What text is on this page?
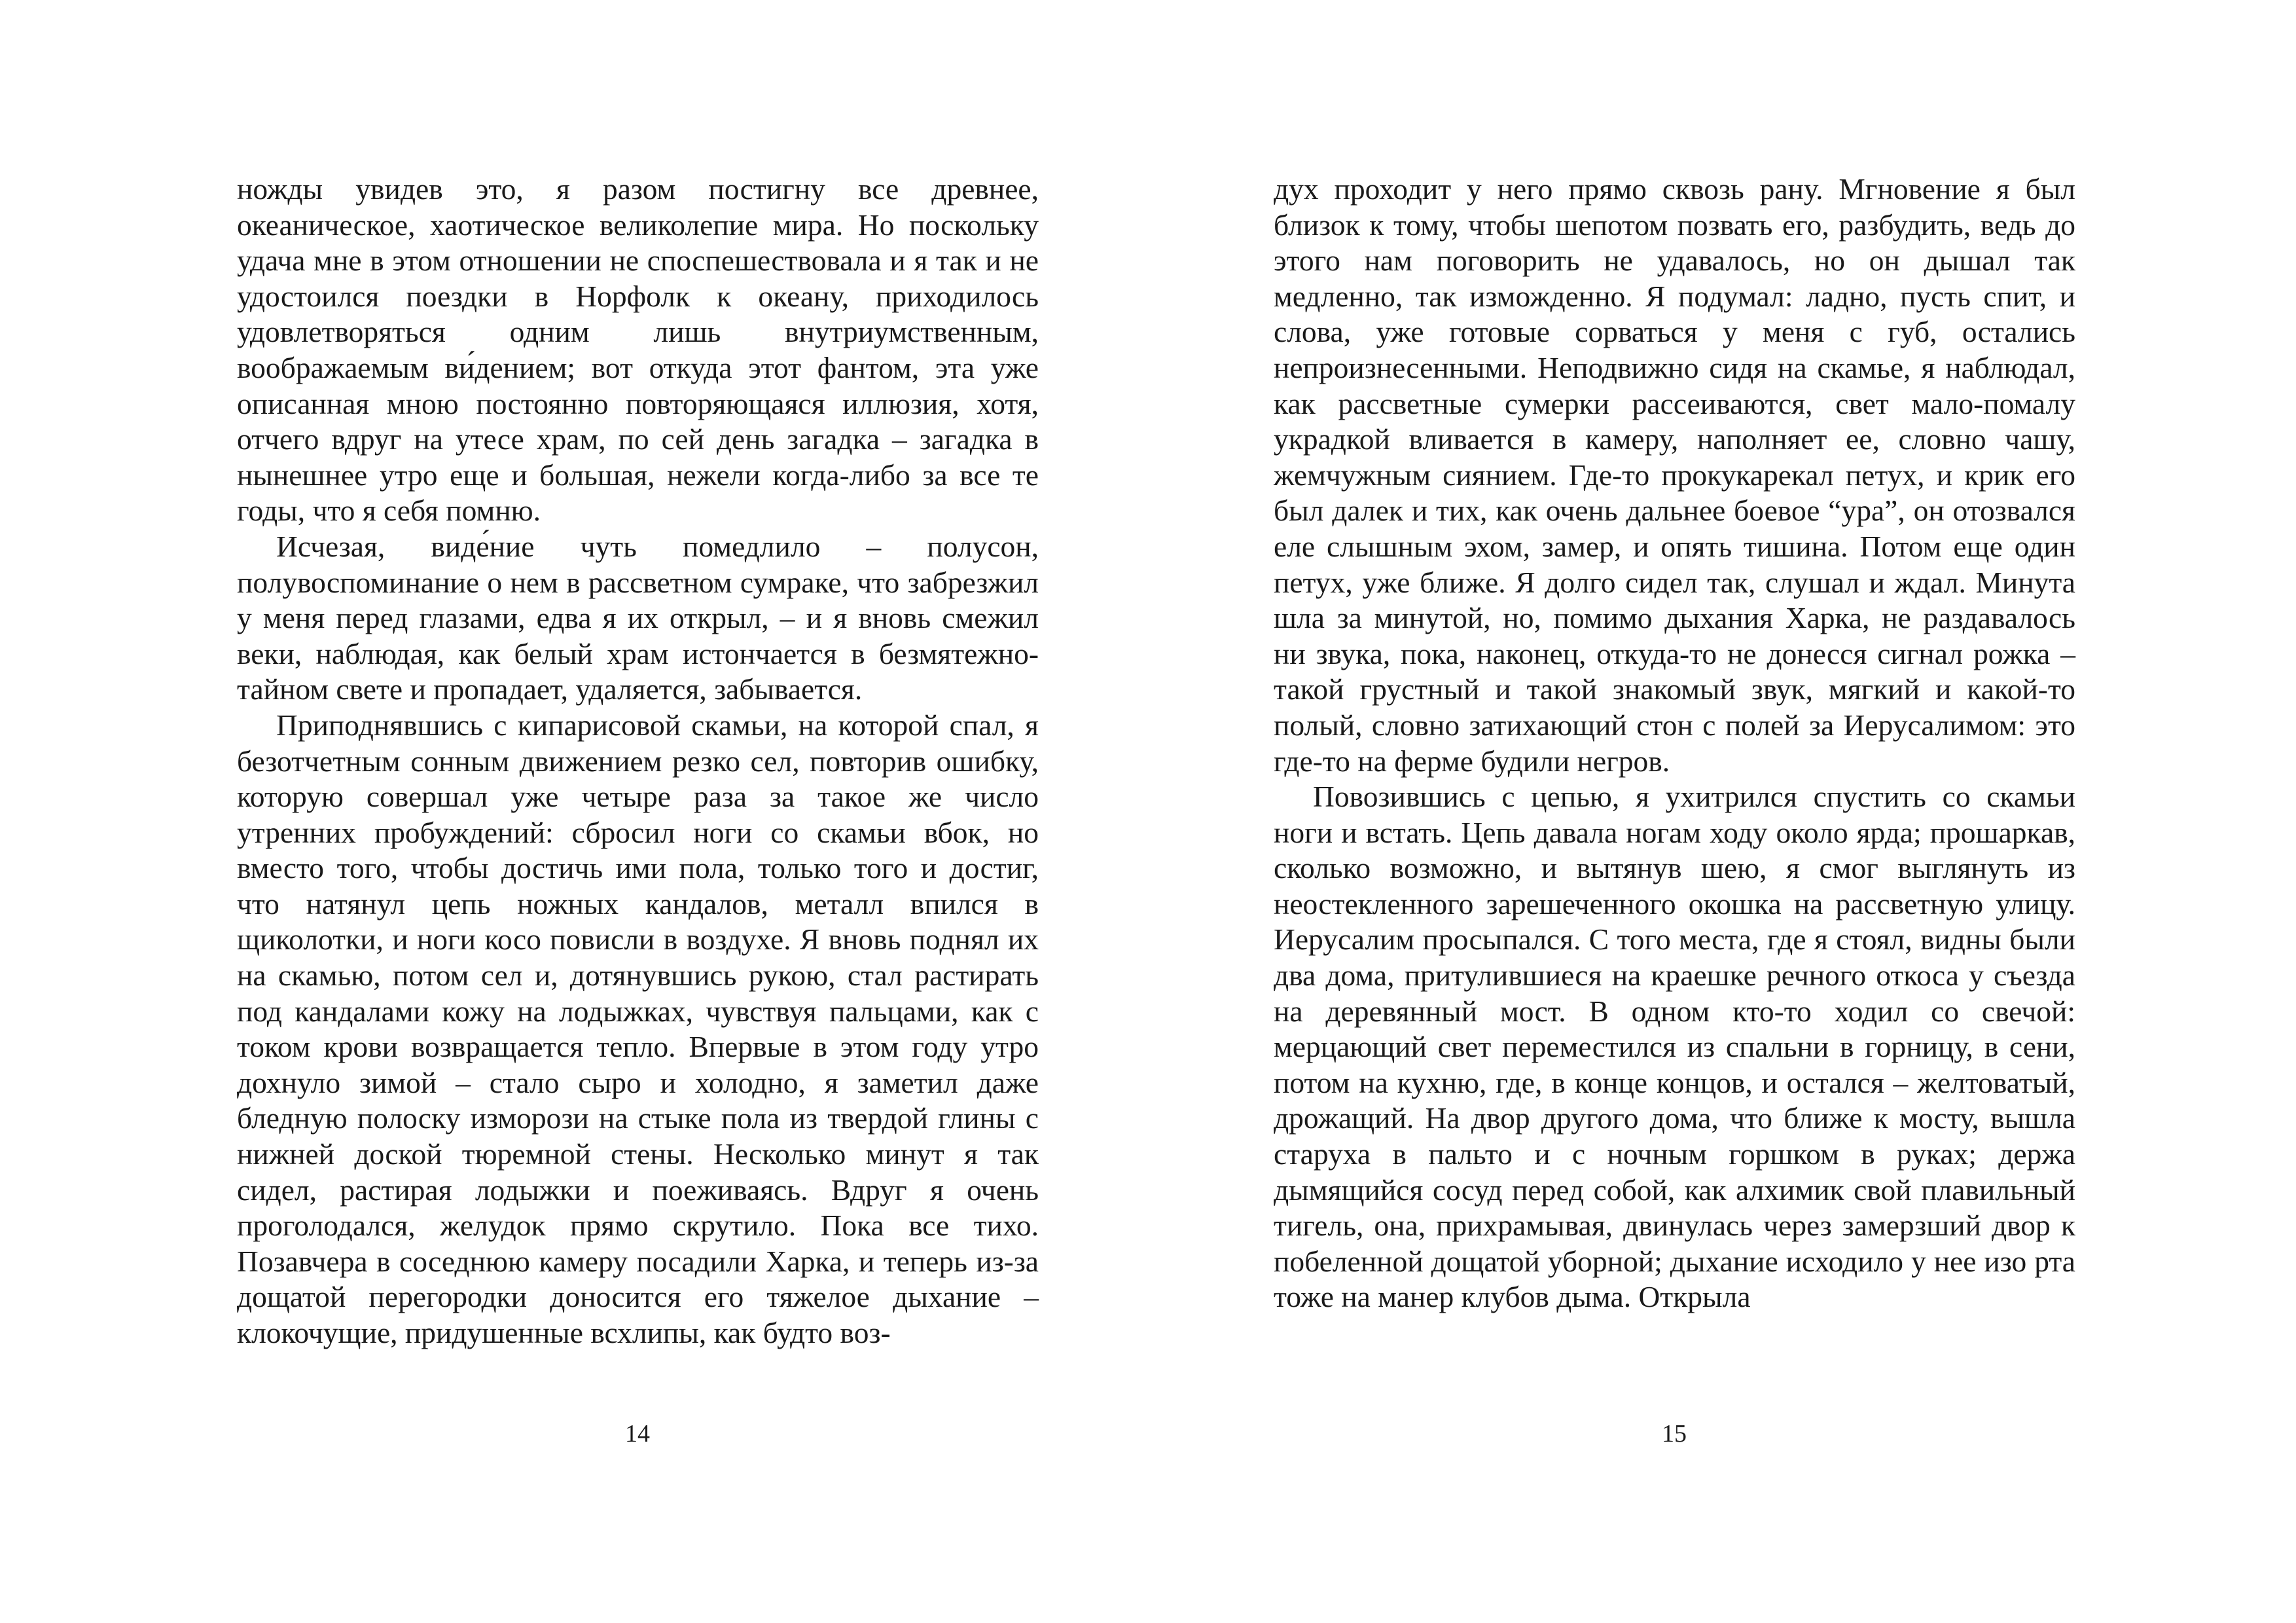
ножды увидев это, я разом постигну все древнее, океаническое, хаотическое великолепие мира. Но поскольку удача мне в этом отношении не споспешествовала и я так и не удостоился поездки в Норфолк к океану, приходилось удовлетворяться одним лишь внутриумственным, воображаемым ви́дением; вот откуда этот фантом, эта уже описанная мною постоянно повторяющаяся иллюзия, хотя, отчего вдруг на утесе храм, по сей день загадка – загадка в нынешнее утро еще и большая, нежели когда-либо за все те годы, что я себя помню.

Исчезая, виде́ние чуть помедлило – полусон, полувоспоминание о нем в рассветном сумраке, что забрезжил у меня перед глазами, едва я их открыл, – и я вновь смежил веки, наблюдая, как белый храм истончается в безмятежно-тайном свете и пропадает, удаляется, забывается.

Приподнявшись с кипарисовой скамьи, на которой спал, я безотчетным сонным движением резко сел, повторив ошибку, которую совершал уже четыре раза за такое же число утренних пробуждений: сбросил ноги со скамьи вбок, но вместо того, чтобы достичь ими пола, только того и достиг, что натянул цепь ножных кандалов, металл впился в щиколотки, и ноги косо повисли в воздухе. Я вновь поднял их на скамью, потом сел и, дотянувшись рукою, стал растирать под кандалами кожу на лодыжках, чувствуя пальцами, как с током крови возвращается тепло. Впервые в этом году утро дохнуло зимой – стало сыро и холодно, я заметил даже бледную полоску изморози на стыке пола из твердой глины с нижней доской тюремной стены. Несколько минут я так сидел, растирая лодыжки и поеживаясь. Вдруг я очень проголодался, желудок прямо скрутило. Пока все тихо. Позавчера в соседнюю камеру посадили Харка, и теперь из-за дощатой перегородки доносится его тяжелое дыхание – клокочущие, придушенные всхлипы, как будто воз-

14

дух проходит у него прямо сквозь рану. Мгновение я был близок к тому, чтобы шепотом позвать его, разбудить, ведь до этого нам поговорить не удавалось, но он дышал так медленно, так изможденно. Я подумал: ладно, пусть спит, и слова, уже готовые сорваться у меня с губ, остались непроизнесенными. Неподвижно сидя на скамье, я наблюдал, как рассветные сумерки рассеиваются, свет мало-помалу украдкой вливается в камеру, наполняет ее, словно чашу, жемчужным сиянием. Где-то прокукарекал петух, и крик его был далек и тих, как очень дальнее боевое “ура”, он отозвался еле слышным эхом, замер, и опять тишина. Потом еще один петух, уже ближе. Я долго сидел так, слушал и ждал. Минута шла за минутой, но, помимо дыхания Харка, не раздавалось ни звука, пока, наконец, откуда-то не донесся сигнал рожка – такой грустный и такой знакомый звук, мягкий и какой-то полый, словно затихающий стон с полей за Иерусалимом: это где-то на ферме будили негров.

Повозившись с цепью, я ухитрился спустить со скамьи ноги и встать. Цепь давала ногам ходу около ярда; прошаркав, сколько возможно, и вытянув шею, я смог выглянуть из неостекленного зарешеченного окошка на рассветную улицу. Иерусалим просыпался. С того места, где я стоял, видны были два дома, притулившиеся на краешке речного откоса у съезда на деревянный мост. В одном кто-то ходил со свечой: мерцающий свет переместился из спальни в горницу, в сени, потом на кухню, где, в конце концов, и остался – желтоватый, дрожащий. На двор другого дома, что ближе к мосту, вышла старуха в пальто и с ночным горшком в руках; держа дымящийся сосуд перед собой, как алхимик свой плавильный тигель, она, прихрамывая, двинулась через замерзший двор к побеленной дощатой уборной; дыхание исходило у нее изо рта тоже на манер клубов дыма. Открыла

15
